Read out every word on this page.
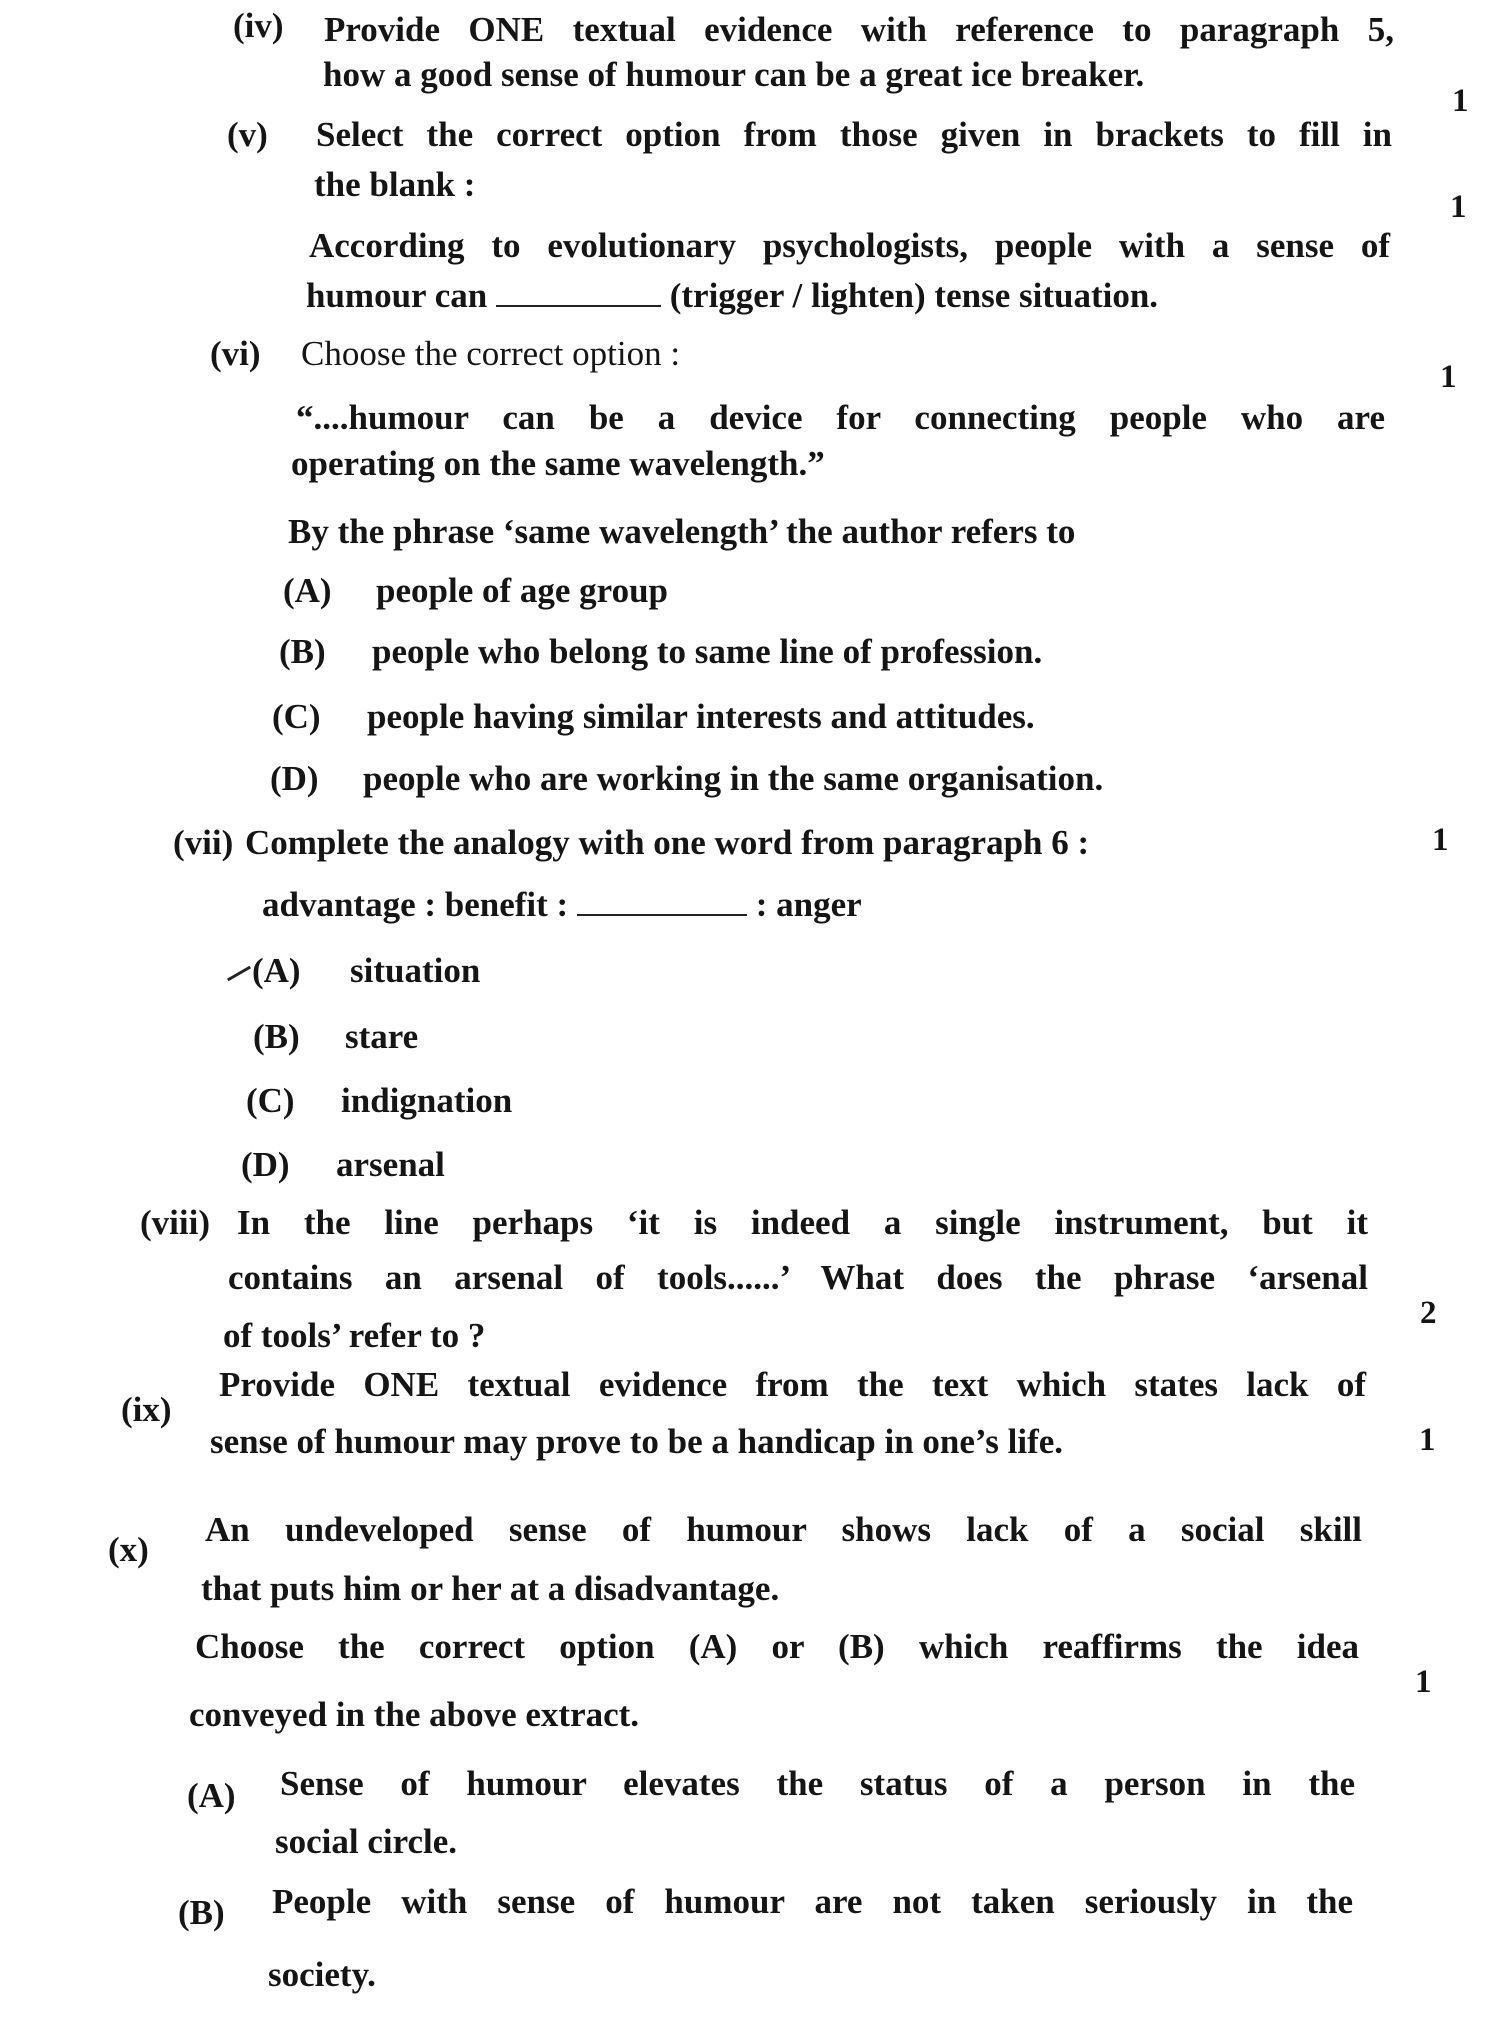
(iv) Provide ONE textual evidence with reference to paragraph 5,
how a good sense of humour can be a great ice breaker.
1
(v) Select the correct option from those given in brackets to fill in
the blank :
1
According to evolutionary psychologists, people with a sense of
humour can	(trigger / lighten) tense situation.
(vi) Choose the correct option :
1
“....humour can be a device for connecting people who are
operating on the same wavelength.”
By the phrase ‘same wavelength’ the author refers to
(A) people of age group
(B) people who belong to same line of profession.
(C) people having similar interests and attitudes.
(D) people who are working in the same organisation.
(vii) Complete the analogy with one word from paragraph 6 :	1
advantage : benefit :	: anger
(A) situation
(B) stare
(C) indignation
(D) arsenal
(viii) In the line perhaps ‘it is indeed a single instrument, but it
contains an arsenal of tools......’ What does the phrase ‘arsenal
of tools’ refer to ?
2
(ix)
Provide ONE textual evidence from the text which states lack of
sense of humour may prove to be a handicap in one’s life.	1
(x)
An undeveloped sense of humour shows lack of a social skill
that puts him or her at a disadvantage.
Choose the correct option (A) or (B) which reaffirms the idea
conveyed in the above extract.
1
(A) Sense of humour elevates the status of a person in the
social circle.
(B) People with sense of humour are not taken seriously in the
society.
